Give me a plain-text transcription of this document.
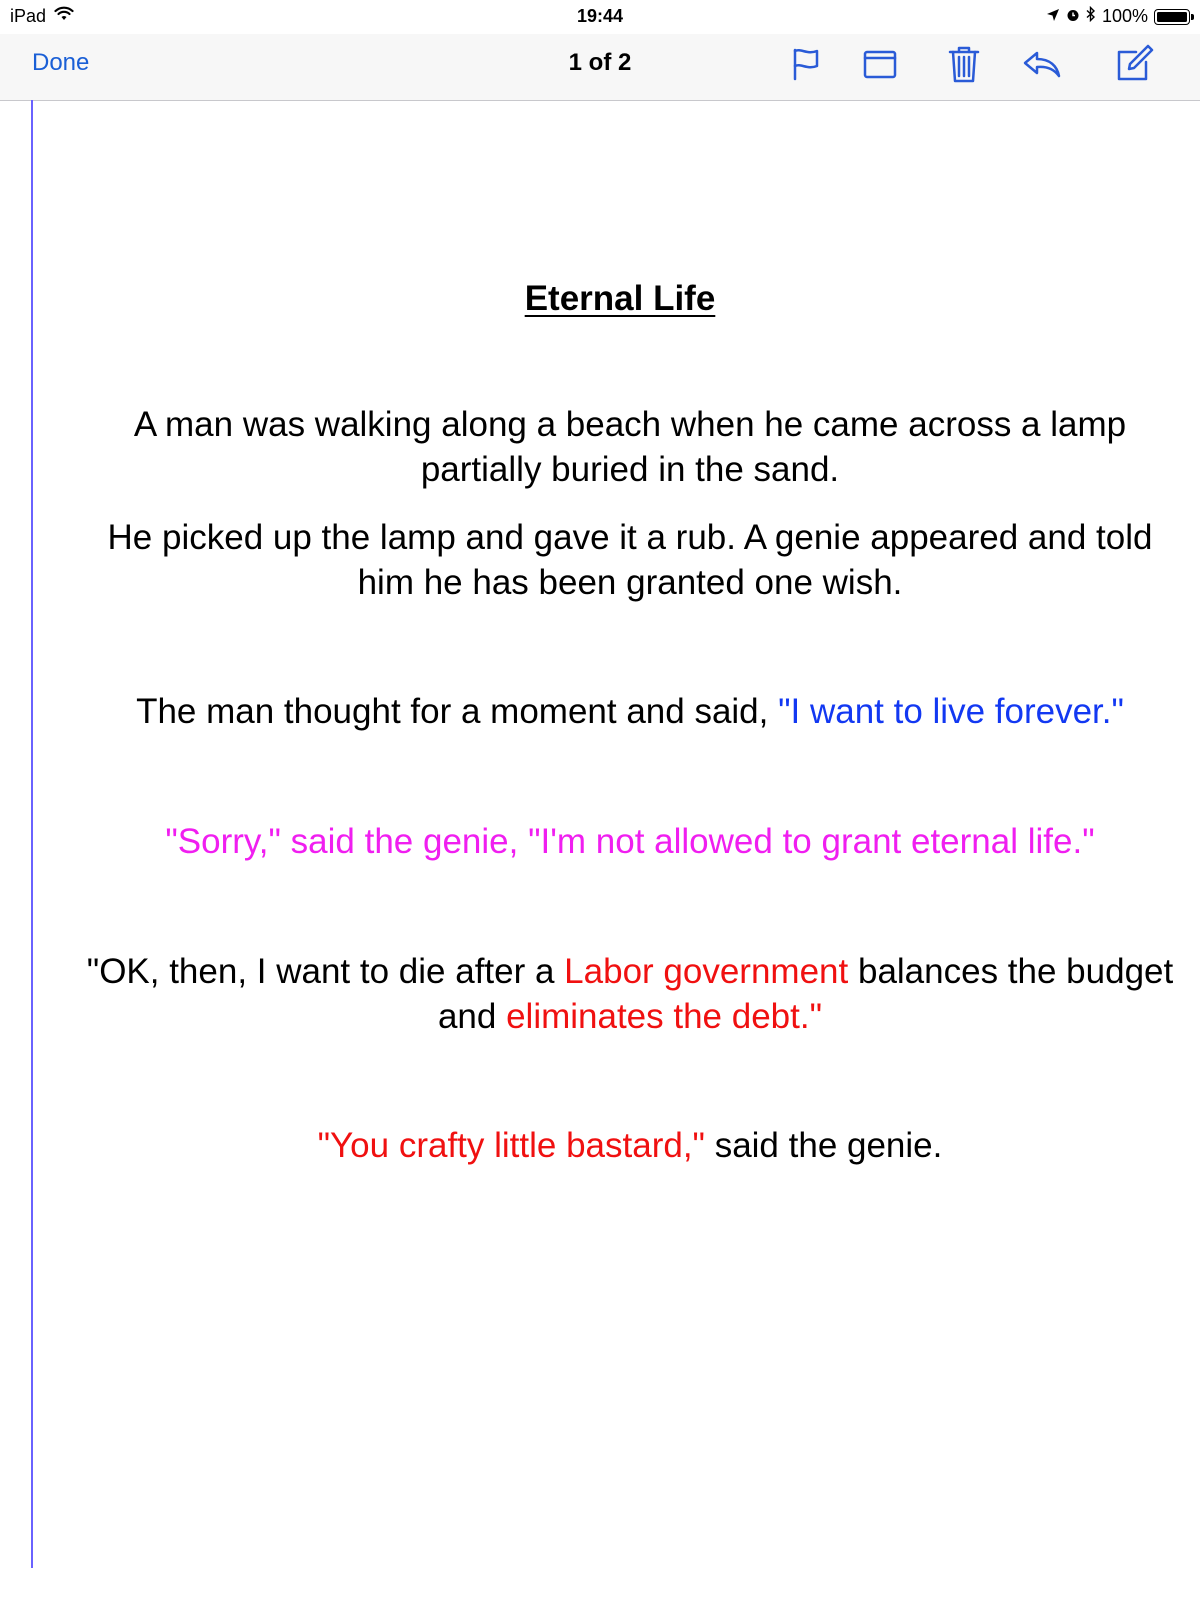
iPad	19:44	100%
Done	1 of 2
Eternal Life

A man was walking along a beach when he came across a lamp partially buried in the sand.

He picked up the lamp and gave it a rub. A genie appeared and told him he has been granted one wish.

The man thought for a moment and said, "I want to live forever."

"Sorry," said the genie, "I'm not allowed to grant eternal life."

"OK, then, I want to die after a Labor government balances the budget and eliminates the debt."

"You crafty little bastard," said the genie.
